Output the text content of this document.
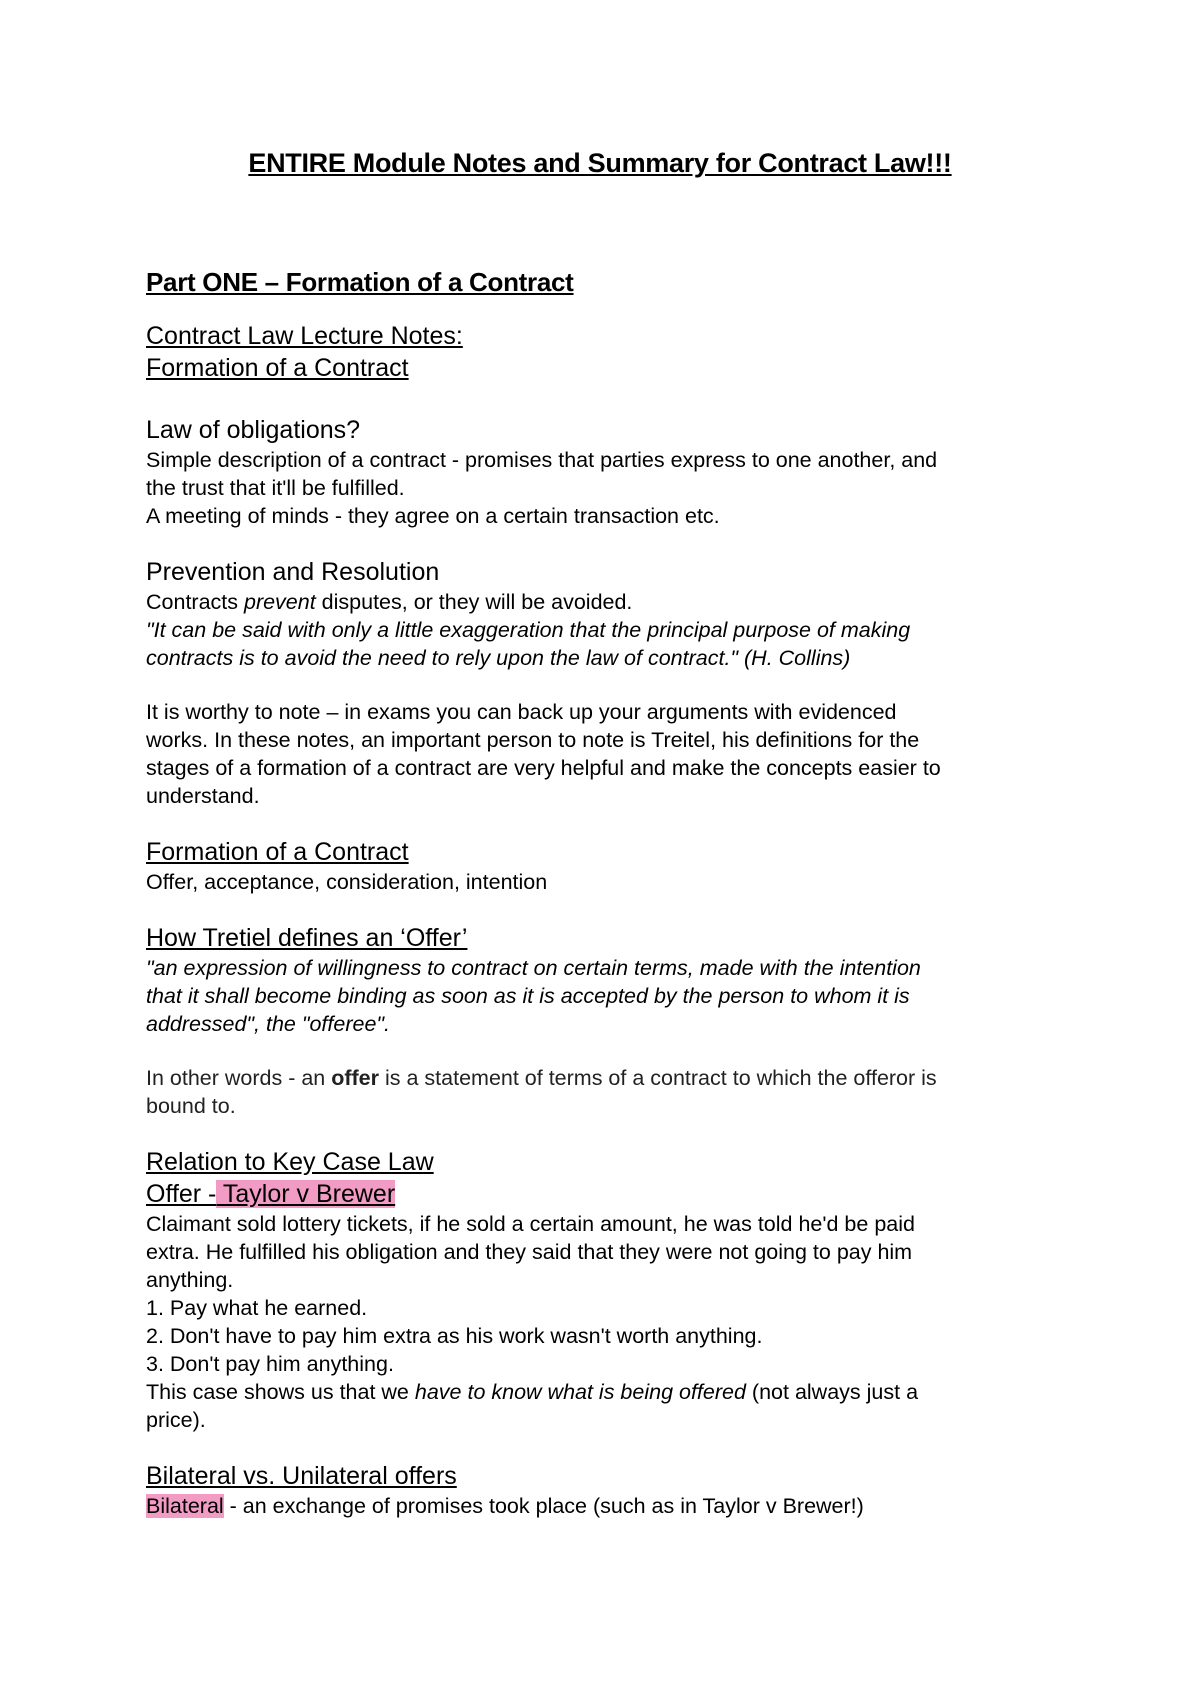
ENTIRE Module Notes and Summary for Contract Law!!!
Part ONE – Formation of a Contract

Contract Law Lecture Notes:

Formation of a Contract

Law of obligations?

Simple description of a contract - promises that parties express to one another, and

the trust that it'll be fulfilled.

A meeting of minds - they agree on a certain transaction etc.

Prevention and Resolution

Contracts prevent disputes, or they will be avoided.

"It can be said with only a little exaggeration that the principal purpose of making

contracts is to avoid the need to rely upon the law of contract." (H. Collins)

It is worthy to note – in exams you can back up your arguments with evidenced

works. In these notes, an important person to note is Treitel, his definitions for the

stages of a formation of a contract are very helpful and make the concepts easier to

understand.

Formation of a Contract

Offer, acceptance, consideration, intention

How Tretiel defines an ‘Offer’

"an expression of willingness to contract on certain terms, made with the intention

that it shall become binding as soon as it is accepted by the person to whom it is

addressed", the "offeree".

In other words - an offer is a statement of terms of a contract to which the offeror is

bound to.

Relation to Key Case Law

Offer - Taylor v Brewer

Claimant sold lottery tickets, if he sold a certain amount, he was told he'd be paid

extra. He fulfilled his obligation and they said that they were not going to pay him

anything.

1. Pay what he earned.

2. Don't have to pay him extra as his work wasn't worth anything.

3. Don't pay him anything.

This case shows us that we have to know what is being offered (not always just a

price).

Bilateral vs. Unilateral offers

Bilateral - an exchange of promises took place (such as in Taylor v Brewer!)
